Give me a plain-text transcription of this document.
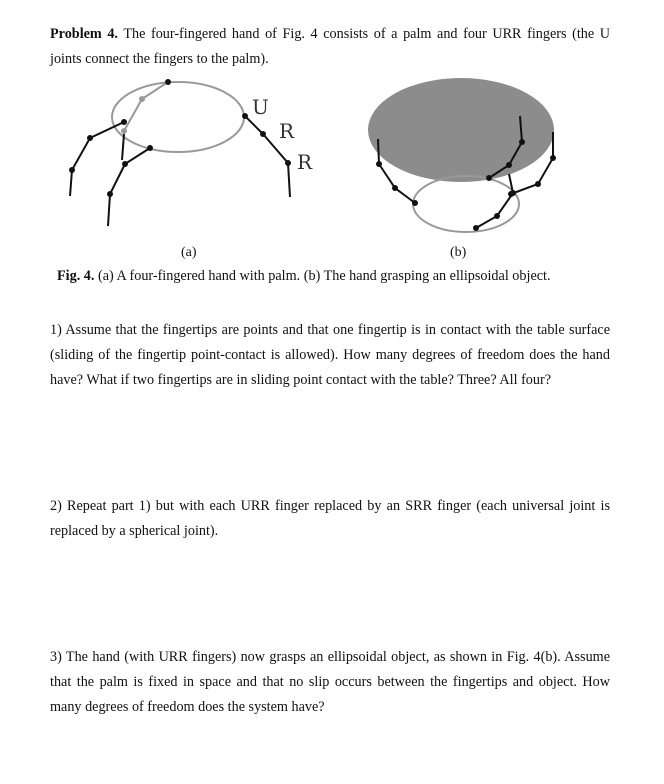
Problem 4. The four-fingered hand of Fig. 4 consists of a palm and four URR fingers (the U joints connect the fingers to the palm).
U
R
R
(a)	(b)
Fig. 4. (a) A four-fingered hand with palm. (b) The hand grasping an ellipsoidal object.
1) Assume that the fingertips are points and that one fingertip is in contact with the table surface (sliding of the fingertip point-contact is allowed). How many degrees of freedom does the hand have? What if two fingertips are in sliding point contact with the table? Three? All four?
2) Repeat part 1) but with each URR finger replaced by an SRR finger (each universal joint is replaced by a spherical joint).
3) The hand (with URR fingers) now grasps an ellipsoidal object, as shown in Fig. 4(b). Assume that the palm is fixed in space and that no slip occurs between the fingertips and object. How many degrees of freedom does the system have?
